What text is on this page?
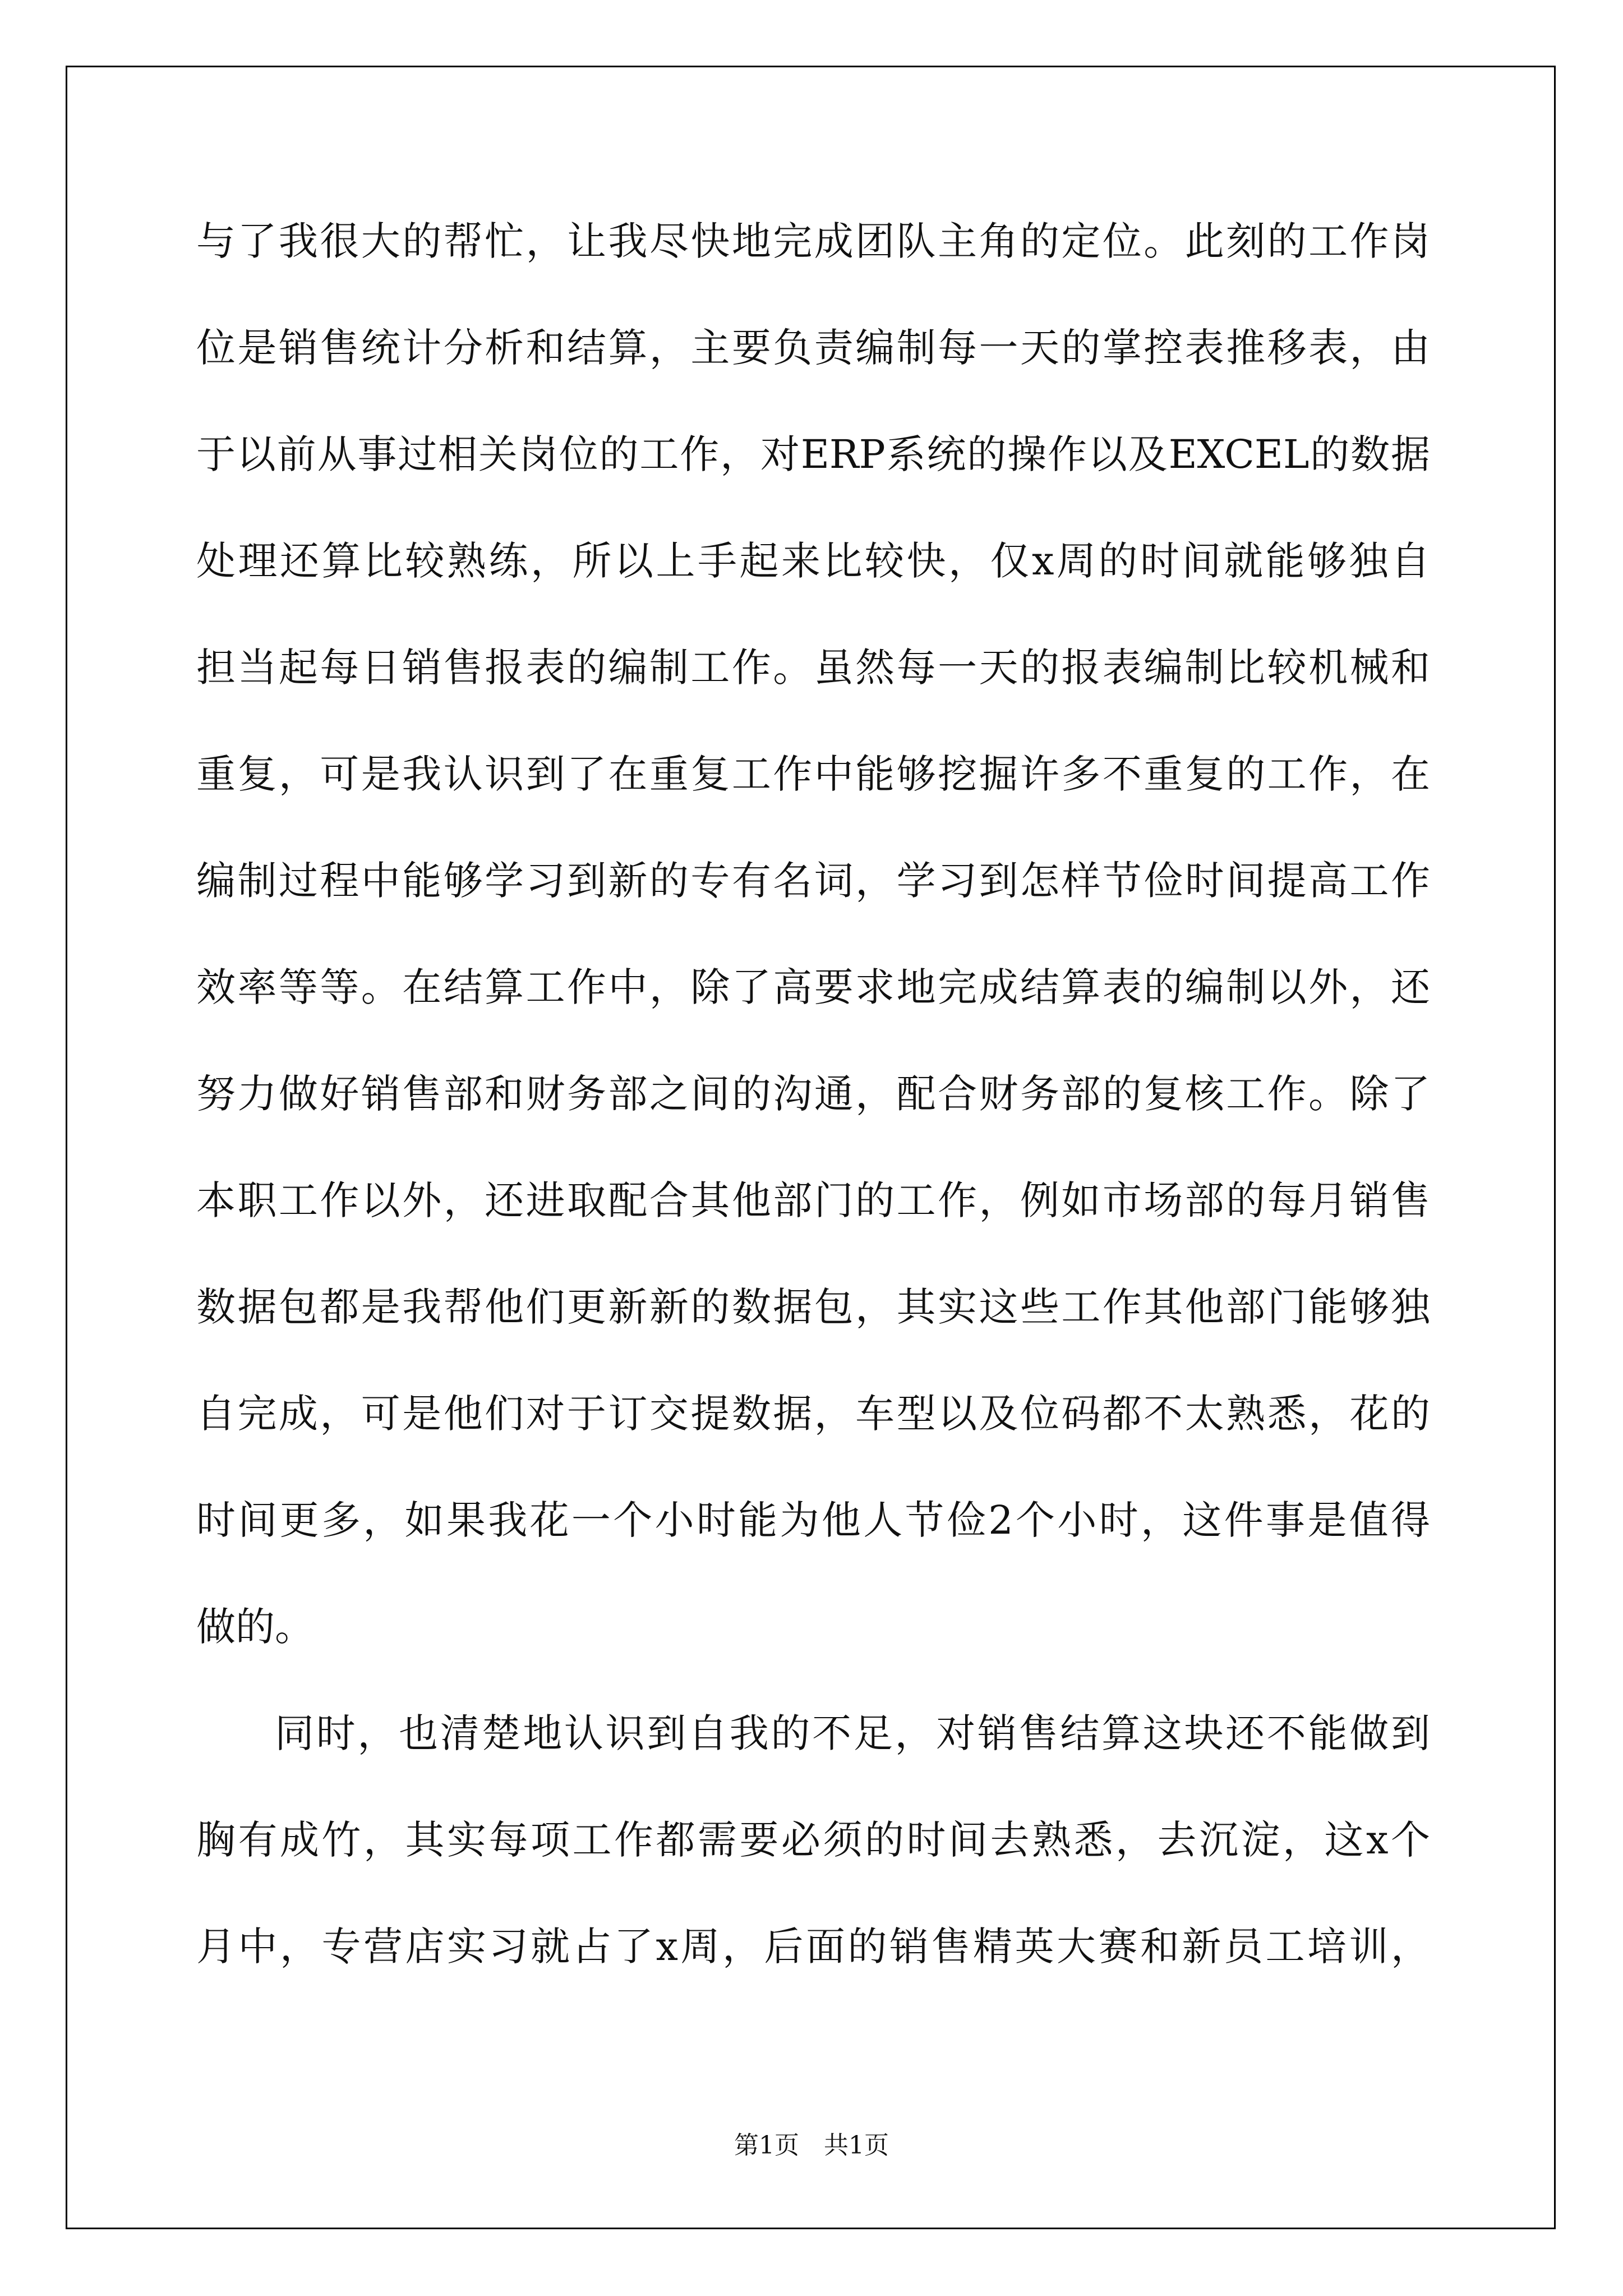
与了我很大的帮忙，让我尽快地完成团队主角的定位。此刻的工作岗
位是销售统计分析和结算，主要负责编制每一天的掌控表推移表，由
于以前从事过相关岗位的工作，对ERP系统的操作以及EXCEL的数据
处理还算比较熟练，所以上手起来比较快，仅x周的时间就能够独自
担当起每日销售报表的编制工作。虽然每一天的报表编制比较机械和
重复，可是我认识到了在重复工作中能够挖掘许多不重复的工作，在
编制过程中能够学习到新的专有名词，学习到怎样节俭时间提高工作
效率等等。在结算工作中，除了高要求地完成结算表的编制以外，还
努力做好销售部和财务部之间的沟通，配合财务部的复核工作。除了
本职工作以外，还进取配合其他部门的工作，例如市场部的每月销售
数据包都是我帮他们更新新的数据包，其实这些工作其他部门能够独
自完成，可是他们对于订交提数据，车型以及位码都不太熟悉，花的
时间更多，如果我花一个小时能为他人节俭2个小时，这件事是值得
做的。
同时，也清楚地认识到自我的不足，对销售结算这块还不能做到
胸有成竹，其实每项工作都需要必须的时间去熟悉，去沉淀，这x个
月中，专营店实习就占了x周，后面的销售精英大赛和新员工培训，
第1页　共1页
